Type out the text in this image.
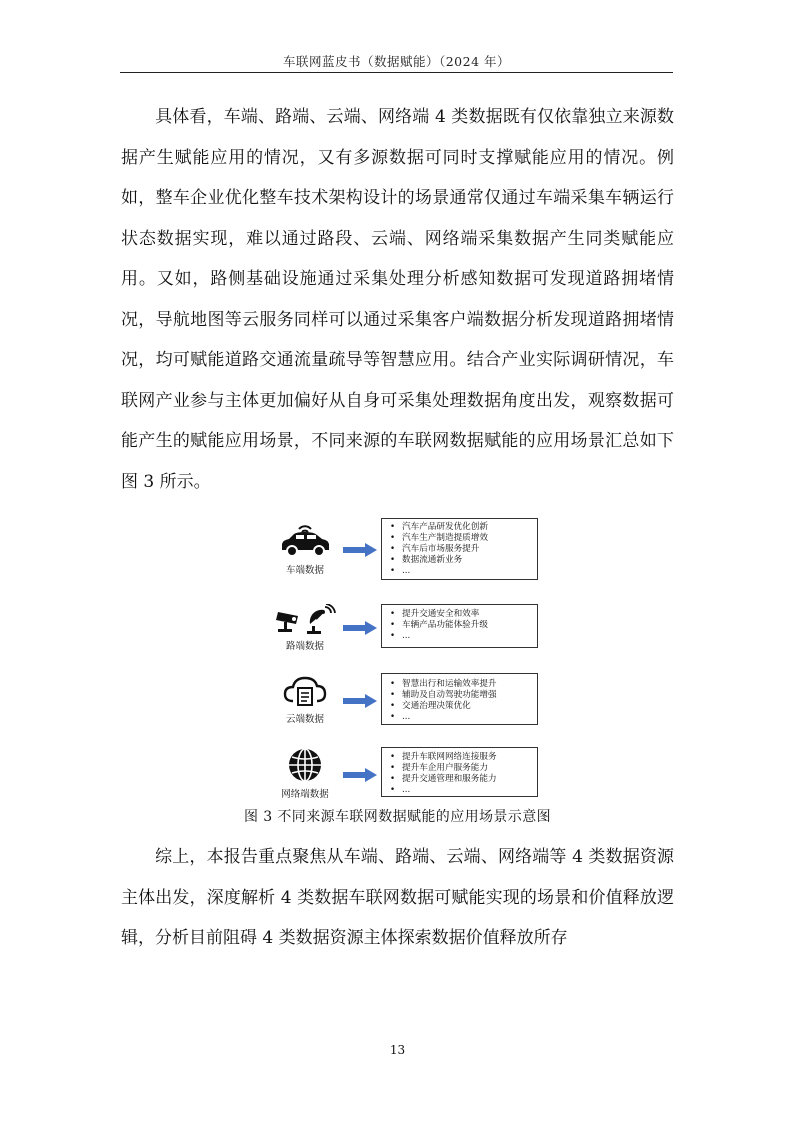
车联网蓝皮书（数据赋能）（2024 年）
具体看，车端、路端、云端、网络端 4 类数据既有仅依靠独立来源数据产生赋能应用的情况，又有多源数据可同时支撑赋能应用的情况。例如，整车企业优化整车技术架构设计的场景通常仅通过车端采集车辆运行状态数据实现，难以通过路段、云端、网络端采集数据产生同类赋能应用。又如，路侧基础设施通过采集处理分析感知数据可发现道路拥堵情况，导航地图等云服务同样可以通过采集客户端数据分析发现道路拥堵情况，均可赋能道路交通流量疏导等智慧应用。结合产业实际调研情况，车联网产业参与主体更加偏好从自身可采集处理数据角度出发，观察数据可能产生的赋能应用场景，不同来源的车联网数据赋能的应用场景汇总如下图 3 所示。
车端数据
• 汽车产品研发优化创新
• 汽车生产制造提质增效
• 汽车后市场服务提升
• 数据流通新业务
• ...
路端数据
• 提升交通安全和效率
• 车辆产品功能体验升级
• ...
云端数据
• 智慧出行和运输效率提升
• 辅助及自动驾驶功能增强
• 交通治理决策优化
• ...
网络端数据
• 提升车联网网络连接服务
• 提升车企用户服务能力
• 提升交通管理和服务能力
• ...
图 3 不同来源车联网数据赋能的应用场景示意图
综上，本报告重点聚焦从车端、路端、云端、网络端等 4 类数据资源主体出发，深度解析 4 类数据车联网数据可赋能实现的场景和价值释放逻辑，分析目前阻碍 4 类数据资源主体探索数据价值释放所存
13
